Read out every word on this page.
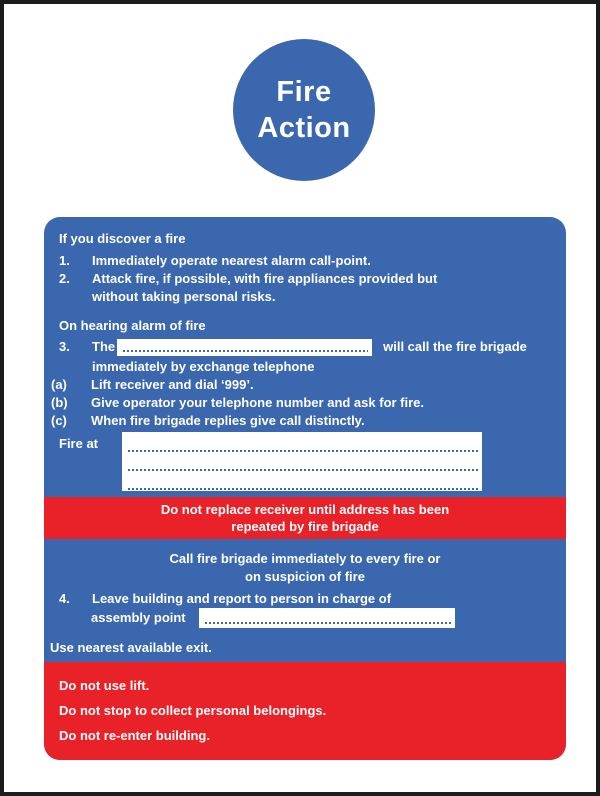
Fire
Action
If you discover a fire
1.	Immediately operate nearest alarm call-point.
2.	Attack fire, if possible, with fire appliances provided but
without taking personal risks.
On hearing alarm of fire
3.	The	will call the fire brigade
immediately by exchange telephone
(a)	Lift receiver and dial ‘999’.
(b)	Give operator your telephone number and ask for fire.
(c)	When fire brigade replies give call distinctly.
Fire at
Do not replace receiver until address has been
repeated by fire brigade
Call fire brigade immediately to every fire or
on suspicion of fire
4.	Leave building and report to person in charge of
assembly point
Use nearest available exit.
Do not use lift.
Do not stop to collect personal belongings.
Do not re-enter building.
